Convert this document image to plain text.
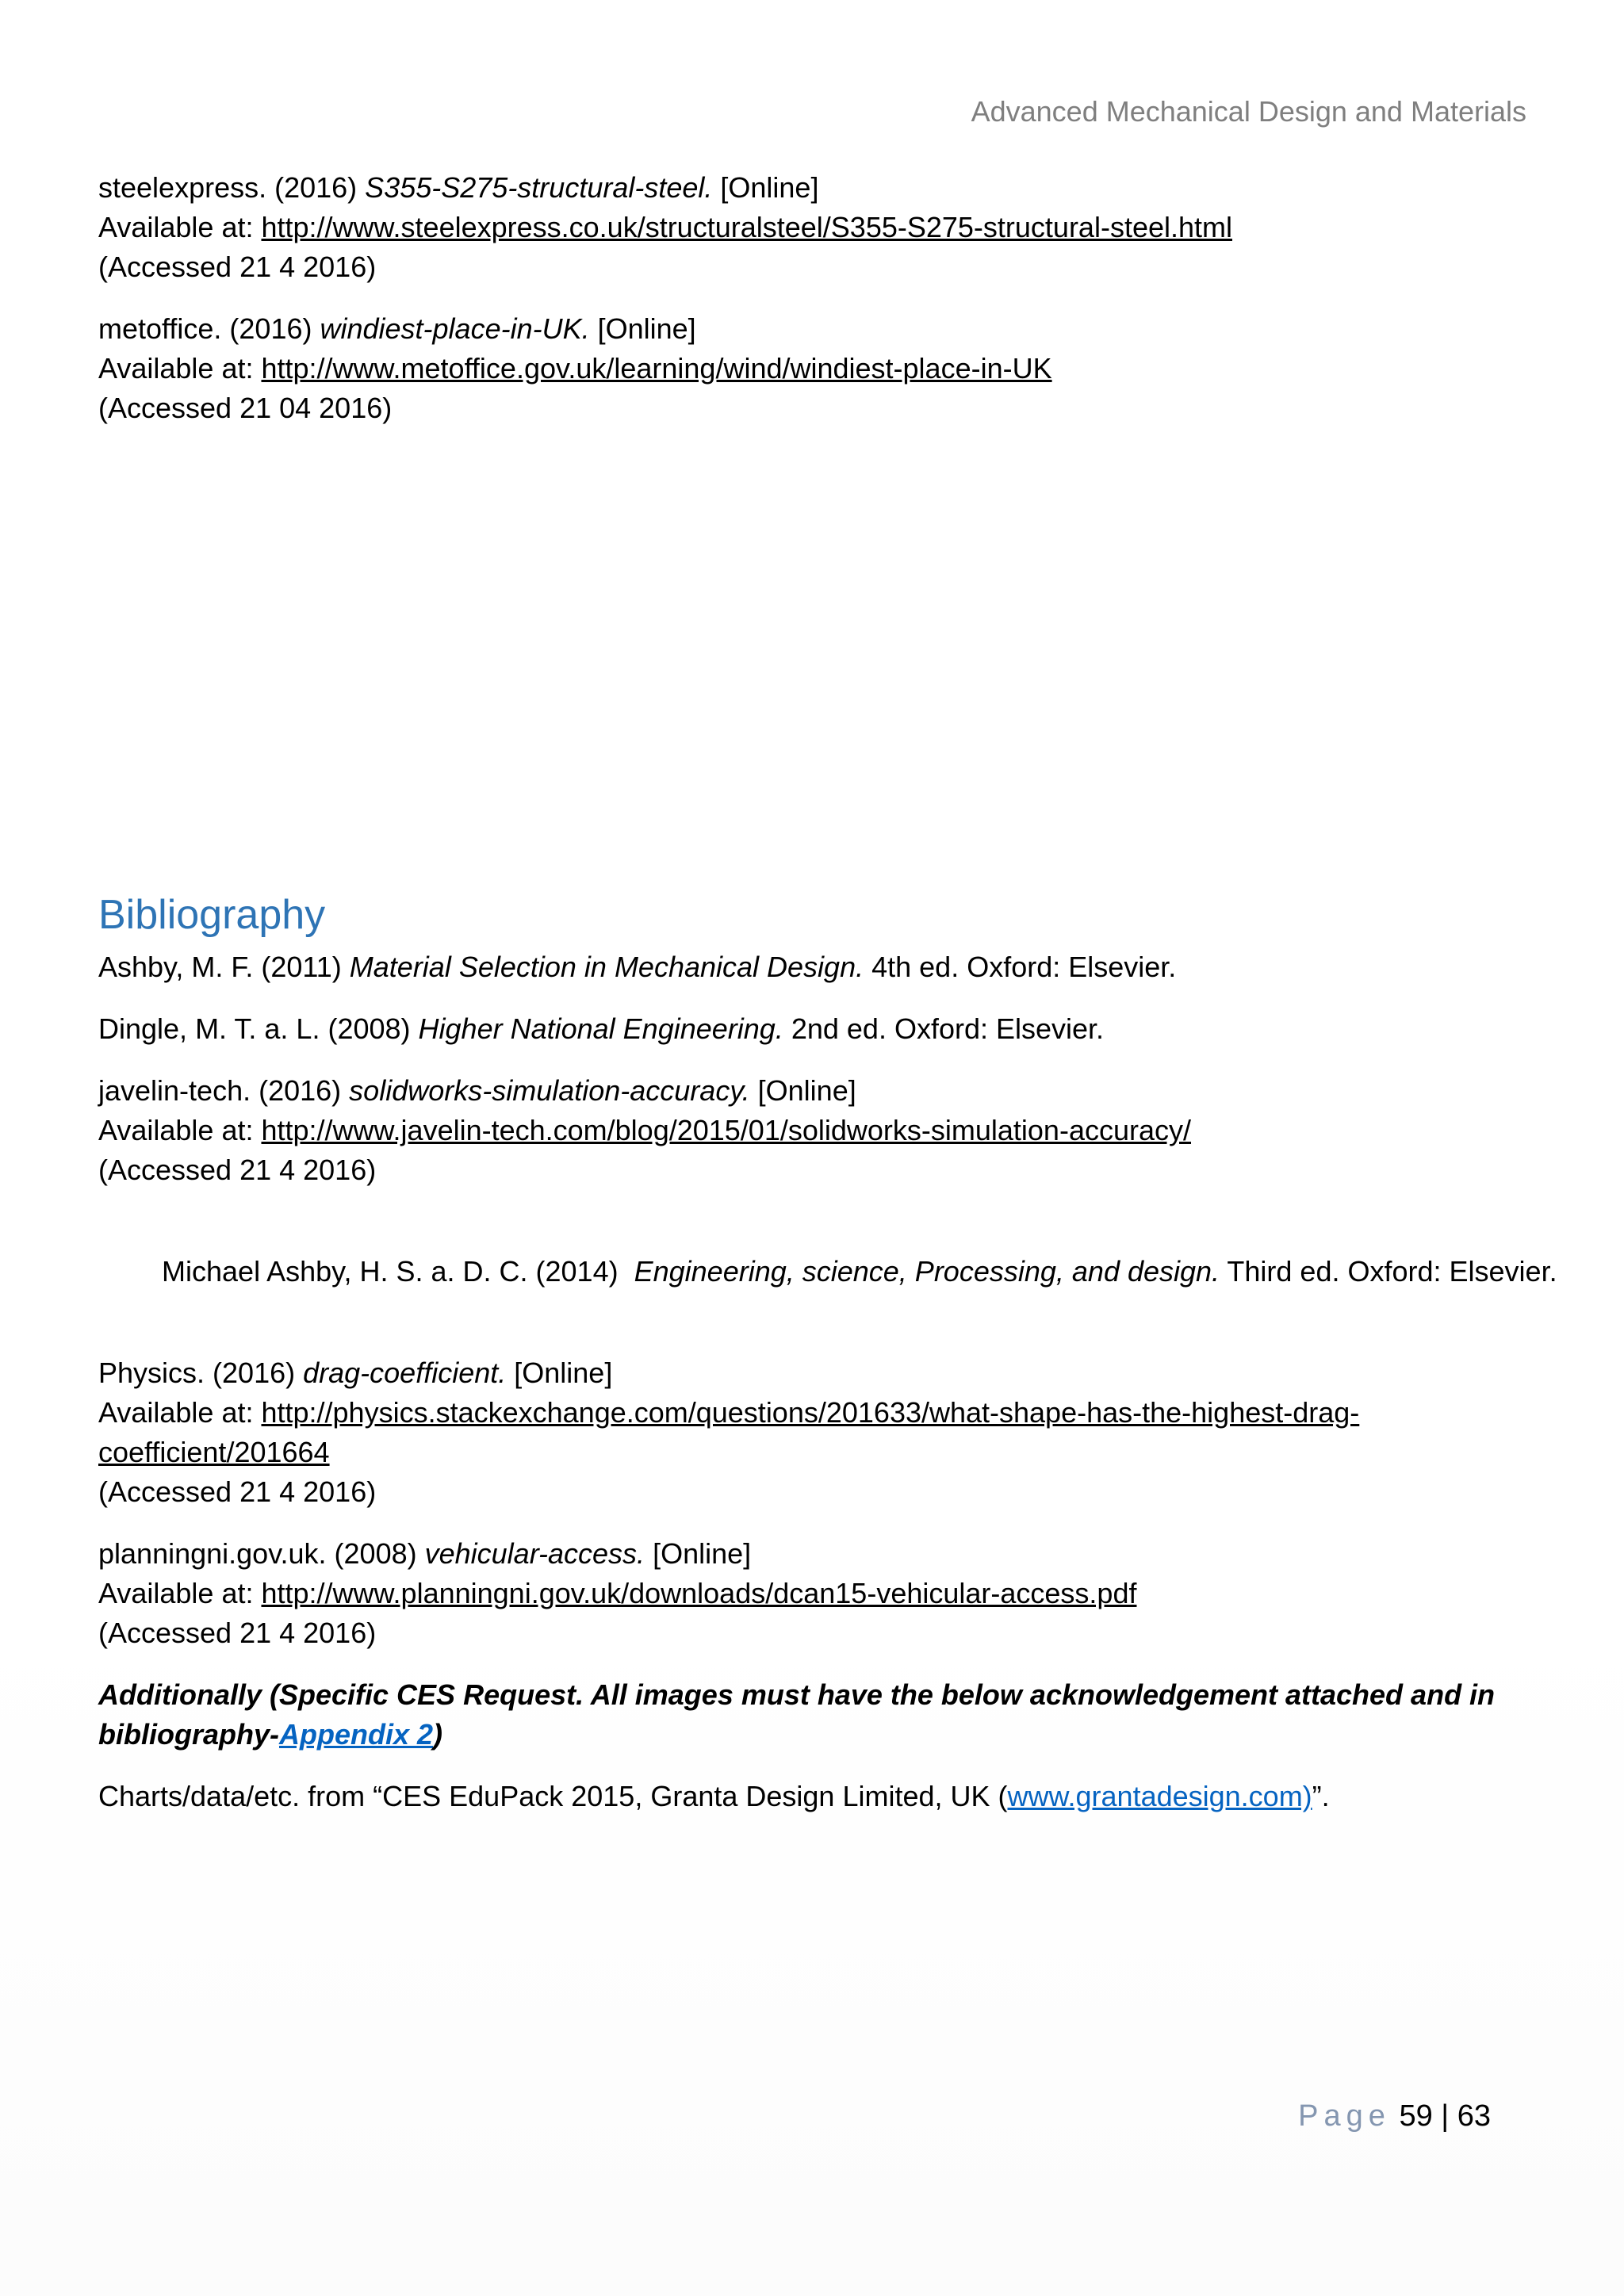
Advanced Mechanical Design and Materials
steelexpress. (2016) S355-S275-structural-steel. [Online]
Available at: http://www.steelexpress.co.uk/structuralsteel/S355-S275-structural-steel.html
(Accessed 21 4 2016)
metoffice. (2016) windiest-place-in-UK. [Online]
Available at: http://www.metoffice.gov.uk/learning/wind/windiest-place-in-UK
(Accessed 21 04 2016)
Bibliography
Ashby, M. F. (2011) Material Selection in Mechanical Design. 4th ed. Oxford: Elsevier.
Dingle, M. T. a. L. (2008) Higher National Engineering. 2nd ed. Oxford: Elsevier.
javelin-tech. (2016) solidworks-simulation-accuracy. [Online]
Available at: http://www.javelin-tech.com/blog/2015/01/solidworks-simulation-accuracy/
(Accessed 21 4 2016)

Michael Ashby, H. S. a. D. C. (2014)  Engineering, science, Processing, and design. Third ed. Oxford: Elsevier.

Physics. (2016) drag-coefficient. [Online]
Available at: http://physics.stackexchange.com/questions/201633/what-shape-has-the-highest-drag-
coefficient/201664
(Accessed 21 4 2016)
planningni.gov.uk. (2008) vehicular-access. [Online]
Available at: http://www.planningni.gov.uk/downloads/dcan15-vehicular-access.pdf
(Accessed 21 4 2016)
Additionally (Specific CES Request. All images must have the below acknowledgement attached and in
bibliography-Appendix 2)
Charts/data/etc. from “CES EduPack 2015, Granta Design Limited, UK (www.grantadesign.com)”.
Page 59 | 63
